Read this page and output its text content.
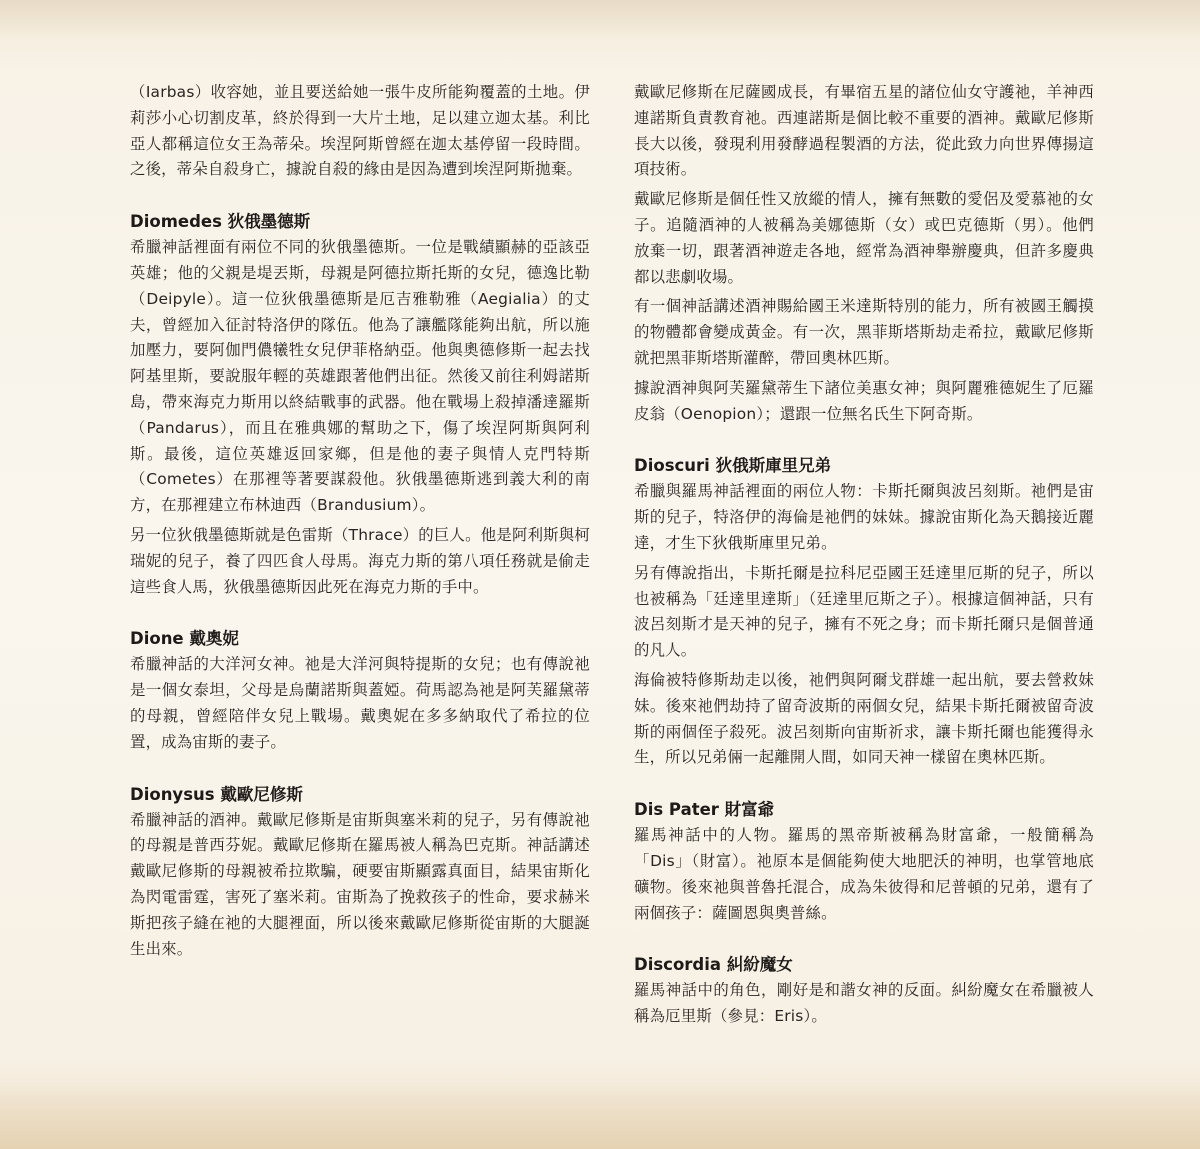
（Iarbas）收容她，並且要送給她一張牛皮所能夠覆蓋的土地。伊莉莎小心切割皮革，終於得到一大片土地，足以建立迦太基。利比亞人都稱這位女王為蒂朵。埃涅阿斯曾經在迦太基停留一段時間。之後，蒂朵自殺身亡，據說自殺的緣由是因為遭到埃涅阿斯拋棄。

Diomedes 狄俄墨德斯

希臘神話裡面有兩位不同的狄俄墨德斯。一位是戰績顯赫的亞該亞英雄；他的父親是堤丟斯，母親是阿德拉斯托斯的女兒，德逸比勒（Deipyle）。這一位狄俄墨德斯是厄吉雅勒雅（Aegialia）的丈夫，曾經加入征討特洛伊的隊伍。他為了讓艦隊能夠出航，所以施加壓力，要阿伽門儂犧牲女兒伊菲格納亞。他與奧德修斯一起去找阿基里斯，要說服年輕的英雄跟著他們出征。然後又前往利姆諾斯島，帶來海克力斯用以終結戰事的武器。他在戰場上殺掉潘達羅斯（Pandarus），而且在雅典娜的幫助之下，傷了埃涅阿斯與阿利斯。最後，這位英雄返回家鄉，但是他的妻子與情人克門特斯（Cometes）在那裡等著要謀殺他。狄俄墨德斯逃到義大利的南方，在那裡建立布林迪西（Brandusium）。

另一位狄俄墨德斯就是色雷斯（Thrace）的巨人。他是阿利斯與柯瑞妮的兒子，養了四匹食人母馬。海克力斯的第八項任務就是偷走這些食人馬，狄俄墨德斯因此死在海克力斯的手中。

Dione 戴奧妮

希臘神話的大洋河女神。祂是大洋河與特提斯的女兒；也有傳說祂是一個女泰坦，父母是烏蘭諾斯與蓋婭。荷馬認為祂是阿芙羅黛蒂的母親，曾經陪伴女兒上戰場。戴奧妮在多多納取代了希拉的位置，成為宙斯的妻子。

Dionysus 戴歐尼修斯

希臘神話的酒神。戴歐尼修斯是宙斯與塞米莉的兒子，另有傳說祂的母親是普西芬妮。戴歐尼修斯在羅馬被人稱為巴克斯。神話講述戴歐尼修斯的母親被希拉欺騙，硬要宙斯顯露真面目，結果宙斯化為閃電雷霆，害死了塞米莉。宙斯為了挽救孩子的性命，要求赫米斯把孩子縫在祂的大腿裡面，所以後來戴歐尼修斯從宙斯的大腿誕生出來。

戴歐尼修斯在尼薩國成長，有畢宿五星的諸位仙女守護祂，羊神西連諾斯負責教育祂。西連諾斯是個比較不重要的酒神。戴歐尼修斯長大以後，發現利用發酵過程製酒的方法，從此致力向世界傳揚這項技術。

戴歐尼修斯是個任性又放縱的情人，擁有無數的愛侶及愛慕祂的女子。追隨酒神的人被稱為美娜德斯（女）或巴克德斯（男）。他們放棄一切，跟著酒神遊走各地，經常為酒神舉辦慶典，但許多慶典都以悲劇收場。

有一個神話講述酒神賜給國王米達斯特別的能力，所有被國王觸摸的物體都會變成黃金。有一次，黑菲斯塔斯劫走希拉，戴歐尼修斯就把黑菲斯塔斯灌醉，帶回奧林匹斯。

據說酒神與阿芙羅黛蒂生下諸位美惠女神；與阿麗雅德妮生了厄羅皮翁（Oenopion）；還跟一位無名氏生下阿奇斯。

Dioscuri 狄俄斯庫里兄弟

希臘與羅馬神話裡面的兩位人物：卡斯托爾與波呂刻斯。祂們是宙斯的兒子，特洛伊的海倫是祂們的妹妹。據說宙斯化為天鵝接近麗達，才生下狄俄斯庫里兄弟。

另有傳說指出，卡斯托爾是拉科尼亞國王廷達里厄斯的兒子，所以也被稱為「廷達里達斯」（廷達里厄斯之子）。根據這個神話，只有波呂刻斯才是天神的兒子，擁有不死之身；而卡斯托爾只是個普通的凡人。

海倫被特修斯劫走以後，祂們與阿爾戈群雄一起出航，要去營救妹妹。後來祂們劫持了留奇波斯的兩個女兒，結果卡斯托爾被留奇波斯的兩個侄子殺死。波呂刻斯向宙斯祈求，讓卡斯托爾也能獲得永生，所以兄弟倆一起離開人間，如同天神一樣留在奧林匹斯。

Dis Pater 財富爺

羅馬神話中的人物。羅馬的黑帝斯被稱為財富爺，一般簡稱為「Dis」（財富）。祂原本是個能夠使大地肥沃的神明，也掌管地底礦物。後來祂與普魯托混合，成為朱彼得和尼普頓的兄弟，還有了兩個孩子：薩圖恩與奧普絲。

Discordia 糾紛魔女

羅馬神話中的角色，剛好是和諧女神的反面。糾紛魔女在希臘被人稱為厄里斯（參見：Eris）。
